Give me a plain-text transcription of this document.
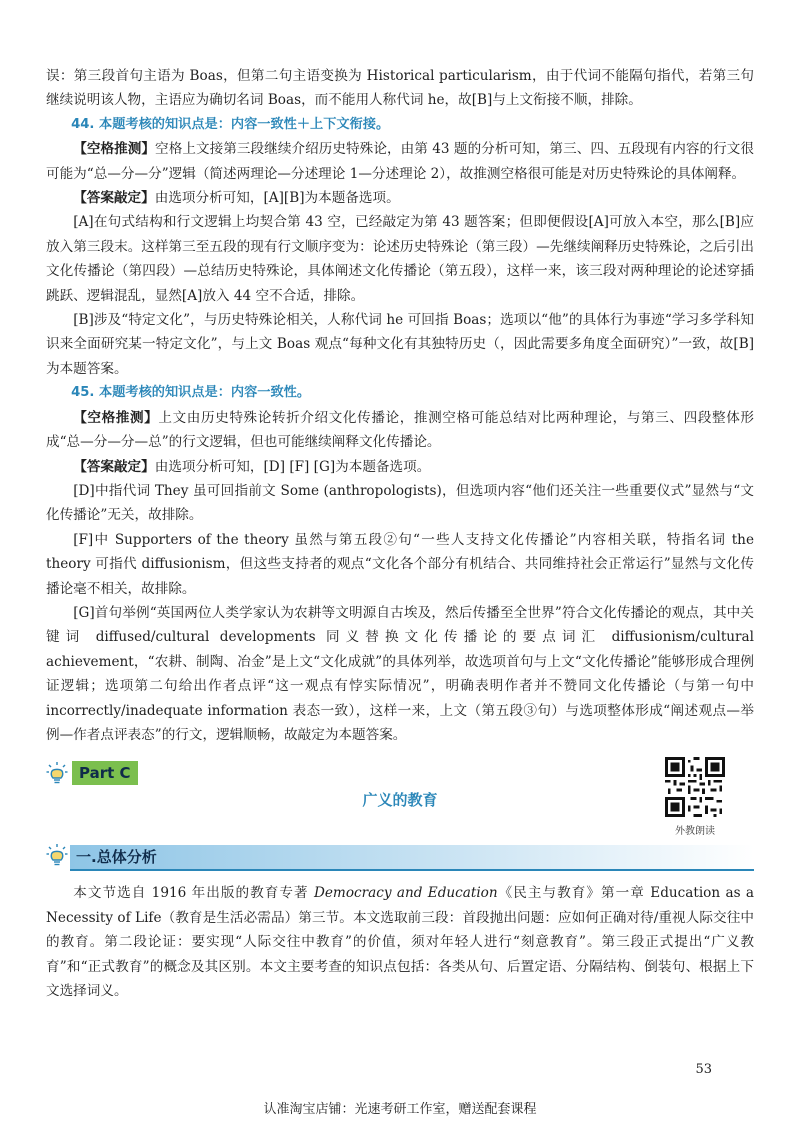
误：第三段首句主语为 Boas，但第二句主语变换为 Historical particularism，由于代词不能隔句指代，若第三句继续说明该人物，主语应为确切名词 Boas，而不能用人称代词 he，故[B]与上文衔接不顺，排除。

44. 本题考核的知识点是：内容一致性＋上下文衔接。

【空格推测】空格上文接第三段继续介绍历史特殊论，由第 43 题的分析可知，第三、四、五段现有内容的行文很可能为“总—分—分”逻辑（简述两理论—分述理论 1—分述理论 2），故推测空格很可能是对历史特殊论的具体阐释。

【答案敲定】由选项分析可知，[A][B]为本题备选项。

[A]在句式结构和行文逻辑上均契合第 43 空，已经敲定为第 43 题答案；但即便假设[A]可放入本空，那么[B]应放入第三段末。这样第三至五段的现有行文顺序变为：论述历史特殊论（第三段）—先继续阐释历史特殊论，之后引出文化传播论（第四段）—总结历史特殊论，具体阐述文化传播论（第五段），这样一来，该三段对两种理论的论述穿插跳跃、逻辑混乱，显然[A]放入 44 空不合适，排除。

[B]涉及“特定文化”，与历史特殊论相关，人称代词 he 可回指 Boas；选项以“他”的具体行为事迹“学习多学科知识来全面研究某一特定文化”，与上文 Boas 观点“每种文化有其独特历史（，因此需要多角度全面研究）”一致，故[B]为本题答案。

45. 本题考核的知识点是：内容一致性。

【空格推测】上文由历史特殊论转折介绍文化传播论，推测空格可能总结对比两种理论，与第三、四段整体形成“总—分—分—总”的行文逻辑，但也可能继续阐释文化传播论。

【答案敲定】由选项分析可知，[D] [F] [G]为本题备选项。

[D]中指代词 They 虽可回指前文 Some (anthropologists)，但选项内容“他们还关注一些重要仪式”显然与“文化传播论”无关，故排除。

[F]中 Supporters of the theory 虽然与第五段②句“一些人支持文化传播论”内容相关联，特指名词 the theory 可指代 diffusionism，但这些支持者的观点“文化各个部分有机结合、共同维持社会正常运行”显然与文化传播论毫不相关，故排除。

[G]首句举例“英国两位人类学家认为农耕等文明源自古埃及，然后传播至全世界”符合文化传播论的观点，其中关键词 diffused/cultural developments 同义替换文化传播论的要点词汇 diffusionism/cultural achievement，“农耕、制陶、冶金”是上文“文化成就”的具体列举，故选项首句与上文“文化传播论”能够形成合理例证逻辑；选项第二句给出作者点评“这一观点有悖实际情况”，明确表明作者并不赞同文化传播论（与第一句中 incorrectly/inadequate information 表态一致），这样一来，上文（第五段③句）与选项整体形成“阐述观点—举例—作者点评表态”的行文，逻辑顺畅，故敲定为本题答案。

Part C
广义的教育
外教朗读
一.总体分析

本文节选自 1916 年出版的教育专著 Democracy and Education《民主与教育》第一章 Education as a Necessity of Life（教育是生活必需品）第三节。本文选取前三段：首段抛出问题：应如何正确对待/重视人际交往中的教育。第二段论证：要实现“人际交往中教育”的价值，须对年轻人进行“刻意教育”。第三段正式提出“广义教育”和“正式教育”的概念及其区别。本文主要考查的知识点包括：各类从句、后置定语、分隔结构、倒装句、根据上下文选择词义。

53
认准淘宝店铺：光速考研工作室，赠送配套课程
